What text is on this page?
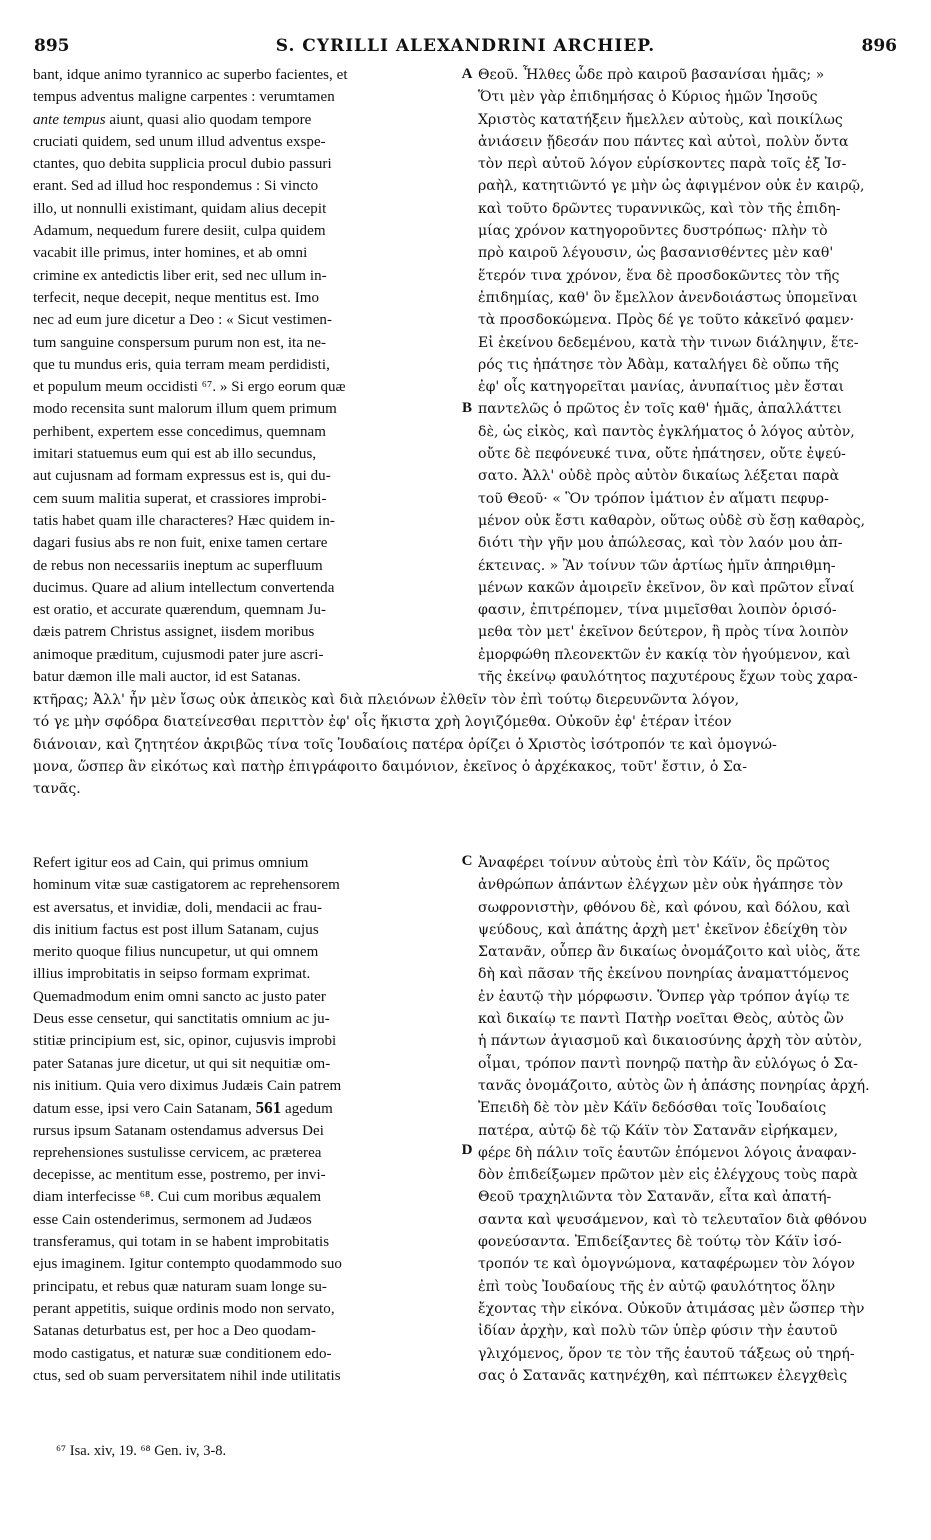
895	S. CYRILLI ALEXANDRINI ARCHIEP.	896
bant, idque animo tyrannico ac superbo facientes, et
tempus adventus maligne carpentes : verumtamen
ante tempus aiunt, quasi alio quodam tempore
cruciati quidem, sed unum illud adventus exspe-
ctantes, quo debita supplicia procul dubio passuri
erant. Sed ad illud hoc respondemus : Si vincto
illo, ut nonnulli existimant, quidam alius decepit
Adamum, nequedum furere desiit, culpa quidem
vacabit ille primus, inter homines, et ab omni
crimine ex antedictis liber erit, sed nec ullum in-
terfecit, neque decepit, neque mentitus est. Imo
nec ad eum jure dicetur a Deo : « Sicut vestimen-
tum sanguine conspersum purum non est, ita ne-
que tu mundus eris, quia terram meam perdidisti,
et populum meum occidisti ⁶⁷. » Si ergo eorum quæ
modo recensita sunt malorum illum quem primum
perhibent, expertem esse concedimus, quemnam
imitari statuemus eum qui est ab illo secundus,
aut cujusnam ad formam expressus est is, qui du-
cem suum malitia superat, et crassiores improbi-
tatis habet quam ille characteres? Hæc quidem in-
dagari fusius abs re non fuit, enixe tamen certare
de rebus non necessariis ineptum ac superfluum
ducimus. Quare ad alium intellectum convertenda
est oratio, et accurate quærendum, quemnam Ju-
dæis patrem Christus assignet, iisdem moribus
animoque præditum, cujusmodi pater jure ascri-
batur dæmon ille mali auctor, id est Satanas.
Θεοῦ. Ἦλθες ὧδε πρὸ καιροῦ βασανίσαι ἡμᾶς; »
Ὅτι μὲν γὰρ ἐπιδημήσας ὁ Κύριος ἡμῶν Ἰησοῦς
Χριστὸς κατατήξειν ἤμελλεν αὐτοὺς, καὶ ποικίλως
ἀνιάσειν ᾔδεσάν που πάντες καὶ αὐτοὶ, πολὺν ὄντα
τὸν περὶ αὐτοῦ λόγον εὑρίσκοντες παρὰ τοῖς ἐξ Ἰσ-
ραὴλ, κατητιῶντό γε μὴν ὡς ἀφιγμένον οὐκ ἐν καιρῷ,
καὶ τοῦτο δρῶντες τυραννικῶς, καὶ τὸν τῆς ἐπιδη-
μίας χρόνον κατηγοροῦντες δυστρόπως· πλὴν τὸ
πρὸ καιροῦ λέγουσιν, ὡς βασανισθέντες μὲν καθ'
ἕτερόν τινα χρόνον, ἕνα δὲ προσδοκῶντες τὸν τῆς
ἐπιδημίας, καθ' ὃν ἔμελλον ἀνενδοιάστως ὑπομεῖναι
τὰ προσδοκώμενα. Πρὸς δέ γε τοῦτο κἀκεῖνό φαμεν·
Εἰ ἐκείνου δεδεμένου, κατὰ τὴν τινων διάληψιν, ἕτε-
ρός τις ἠπάτησε τὸν Ἀδὰμ, καταλήγει δὲ οὔπω τῆς
ἐφ' οἷς κατηγορεῖται μανίας, ἀνυπαίτιος μὲν ἔσται
παντελῶς ὁ πρῶτος ἐν τοῖς καθ' ἡμᾶς, ἀπαλλάττει
δὲ, ὡς εἰκὸς, καὶ παντὸς ἐγκλήματος ὁ λόγος αὐτὸν,
οὔτε δὲ πεφόνευκέ τινα, οὔτε ἠπάτησεν, οὔτε ἐψεύ-
σατο. Ἀλλ' οὐδὲ πρὸς αὐτὸν δικαίως λέξεται παρὰ
τοῦ Θεοῦ· « Ὃν τρόπον ἱμάτιον ἐν αἵματι πεφυρ-
μένον οὐκ ἔστι καθαρὸν, οὕτως οὐδὲ σὺ ἔσῃ καθαρὸς,
διότι τὴν γῆν μου ἀπώλεσας, καὶ τὸν λαόν μου ἀπ-
έκτεινας. » Ἂν τοίνυν τῶν ἀρτίως ἡμῖν ἀπηριθμη-
μένων κακῶν ἀμοιρεῖν ἐκεῖνον, ὃν καὶ πρῶτον εἶναί
φασιν, ἐπιτρέπομεν, τίνα μιμεῖσθαι λοιπὸν ὁρισό-
μεθα τὸν μετ' ἐκεῖνον δεύτερον, ἢ πρὸς τίνα λοιπὸν
ἐμορφώθη πλεονεκτῶν ἐν κακίᾳ τὸν ἡγούμενον, καὶ
τῆς ἐκείνῳ φαυλότητος παχυτέρους ἔχων τοὺς χαρα-
κτῆρας; Ἀλλ' ἦν μὲν ἴσως οὐκ ἀπεικὸς καὶ διὰ πλειόνων ἐλθεῖν τὸν ἐπὶ τούτῳ διερευνῶντα λόγον,
τό γε μὴν σφόδρα διατείνεσθαι περιττὸν ἐφ' οἷς ἥκιστα χρὴ λογιζόμεθα. Οὐκοῦν ἐφ' ἑτέραν ἰτέον
διάνοιαν, καὶ ζητητέον ἀκριβῶς τίνα τοῖς Ἰουδαίοις πατέρα ὁρίζει ὁ Χριστὸς ἰσότροπόν τε καὶ ὁμογνώ-
μονα, ὥσπερ ἂν εἰκότως καὶ πατὴρ ἐπιγράφοιτο δαιμόνιον, ἐκεῖνος ὁ ἀρχέκακος, τοῦτ' ἔστιν, ὁ Σα-
τανᾶς.
Refert igitur eos ad Cain, qui primus omnium
hominum vitæ suæ castigatorem ac reprehensorem
est aversatus, et invidiæ, doli, mendacii ac frau-
dis initium factus est post illum Satanam, cujus
merito quoque filius nuncupetur, ut qui omnem
illius improbitatis in seipso formam exprimat.
Quemadmodum enim omni sancto ac justo pater
Deus esse censetur, qui sanctitatis omnium ac ju-
stitiæ principium est, sic, opinor, cujusvis improbi
pater Satanas jure dicetur, ut qui sit nequitiæ om-
nis initium. Quia vero diximus Judæis Cain patrem
datum esse, ipsi vero Cain Satanam, 561 agedum
rursus ipsum Satanam ostendamus adversus Dei
reprehensiones sustulisse cervicem, ac præterea
decepisse, ac mentitum esse, postremo, per invi-
diam interfecisse ⁶⁸. Cui cum moribus æqualem
esse Cain ostenderimus, sermonem ad Judæos
transferamus, qui totam in se habent improbitatis
ejus imaginem. Igitur contempto quodammodo suo
principatu, et rebus quæ naturam suam longe su-
perant appetitis, suique ordinis modo non servato,
Satanas deturbatus est, per hoc a Deo quodam-
modo castigatus, et naturæ suæ conditionem edo-
ctus, sed ob suam perversitatem nihil inde utilitatis
Ἀναφέρει τοίνυν αὐτοὺς ἐπὶ τὸν Κάϊν, ὃς πρῶτος
ἀνθρώπων ἁπάντων ἐλέγχων μὲν οὐκ ἠγάπησε τὸν
σωφρονιστὴν, φθόνου δὲ, καὶ φόνου, καὶ δόλου, καὶ
ψεύδους, καὶ ἀπάτης ἀρχὴ μετ' ἐκεῖνον ἐδείχθη τὸν
Σατανᾶν, οὗπερ ἂν δικαίως ὀνομάζοιτο καὶ υἱὸς, ἅτε
δὴ καὶ πᾶσαν τῆς ἐκείνου πονηρίας ἀναματτόμενος
ἐν ἑαυτῷ τὴν μόρφωσιν. Ὅνπερ γὰρ τρόπον ἁγίῳ τε
καὶ δικαίῳ τε παντὶ Πατὴρ νοεῖται Θεὸς, αὐτὸς ὢν
ἡ πάντων ἁγιασμοῦ καὶ δικαιοσύνης ἀρχὴ τὸν αὐτὸν,
οἶμαι, τρόπον παντὶ πονηρῷ πατὴρ ἂν εὐλόγως ὁ Σα-
τανᾶς ὀνομάζοιτο, αὐτὸς ὢν ἡ ἁπάσης πονηρίας ἀρχή.
Ἐπειδὴ δὲ τὸν μὲν Κάϊν δεδόσθαι τοῖς Ἰουδαίοις
πατέρα, αὐτῷ δὲ τῷ Κάϊν τὸν Σατανᾶν εἰρήκαμεν,
φέρε δὴ πάλιν τοῖς ἑαυτῶν ἑπόμενοι λόγοις ἀναφαν-
δὸν ἐπιδείξωμεν πρῶτον μὲν εἰς ἐλέγχους τοὺς παρὰ
Θεοῦ τραχηλιῶντα τὸν Σατανᾶν, εἶτα καὶ ἀπατή-
σαντα καὶ ψευσάμενον, καὶ τὸ τελευταῖον διὰ φθόνου
φονεύσαντα. Ἐπιδείξαντες δὲ τούτῳ τὸν Κάϊν ἰσό-
τροπόν τε καὶ ὁμογνώμονα, καταφέρωμεν τὸν λόγον
ἐπὶ τοὺς Ἰουδαίους τῆς ἐν αὐτῷ φαυλότητος ὅλην
ἔχοντας τὴν εἰκόνα. Οὐκοῦν ἀτιμάσας μὲν ὥσπερ τὴν
ἰδίαν ἀρχὴν, καὶ πολὺ τῶν ὑπὲρ φύσιν τὴν ἑαυτοῦ
γλιχόμενος, ὅρον τε τὸν τῆς ἑαυτοῦ τάξεως οὐ τηρή-
σας ὁ Σατανᾶς κατηνέχθη, καὶ πέπτωκεν ἐλεγχθεὶς
A
B
C
D
⁶⁷ Isa. xiv, 19. ⁶⁸ Gen. iv, 3-8.
